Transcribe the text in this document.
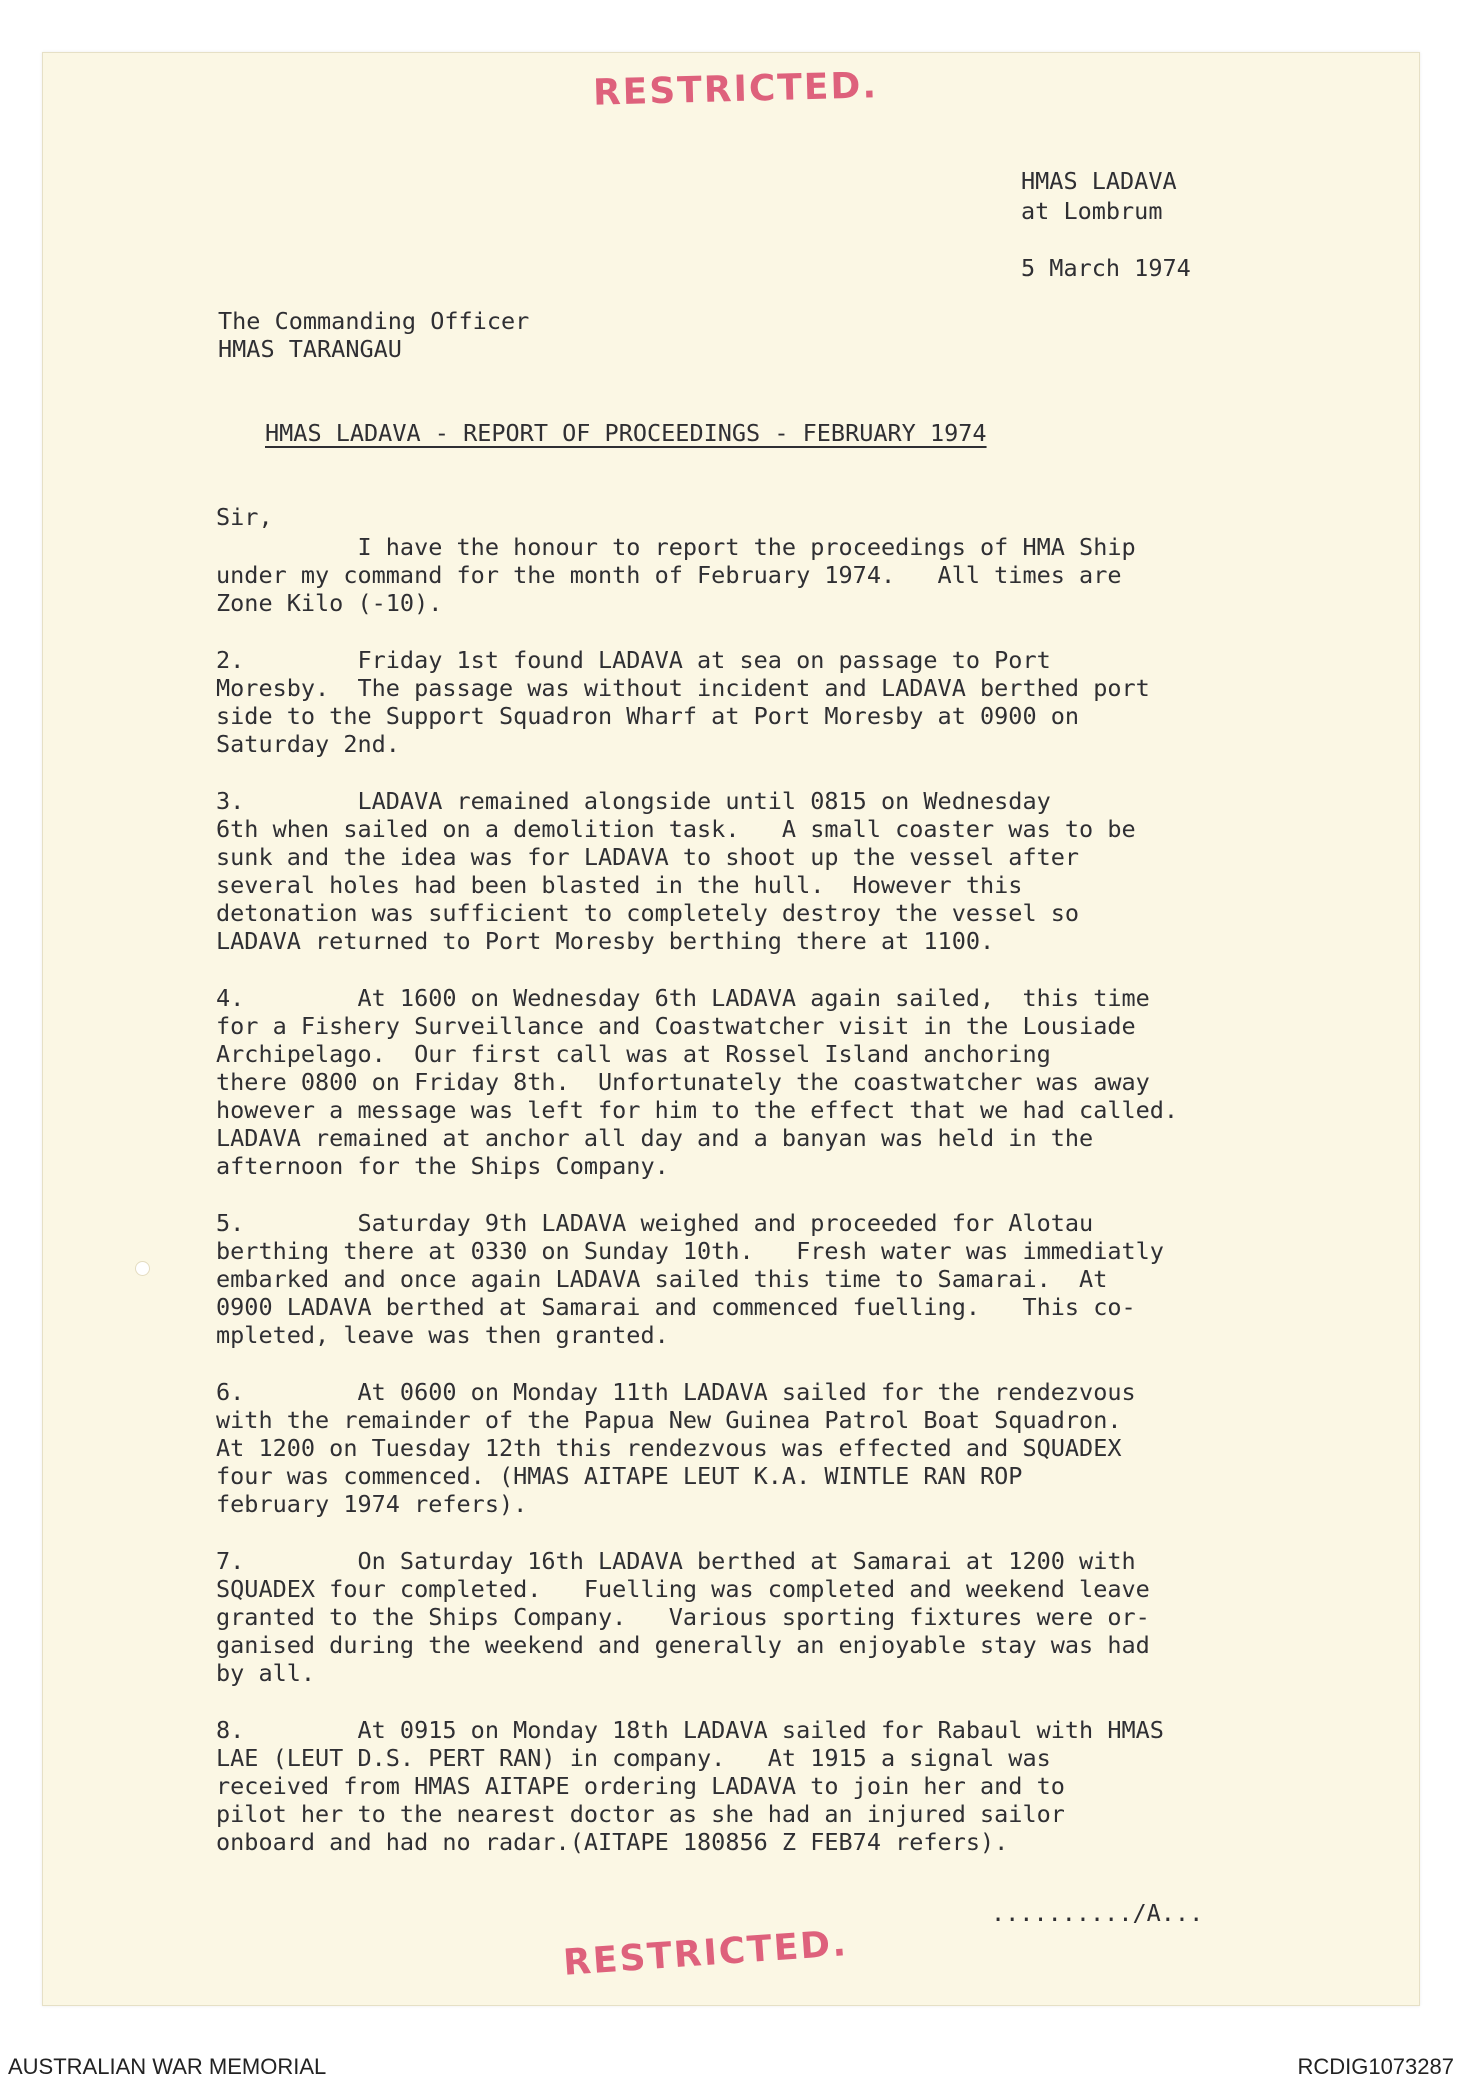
RESTRICTED.
HMAS LADAVA
at Lombrum
5 March 1974
The Commanding Officer
HMAS TARANGAU
HMAS LADAVA - REPORT OF PROCEEDINGS - FEBRUARY 1974
Sir,
I have the honour to report the proceedings of HMA Ship
under my command for the month of February 1974.   All times are
Zone Kilo (-10).
2.        Friday 1st found LADAVA at sea on passage to Port
Moresby.  The passage was without incident and LADAVA berthed port
side to the Support Squadron Wharf at Port Moresby at 0900 on
Saturday 2nd.
3.        LADAVA remained alongside until 0815 on Wednesday
6th when sailed on a demolition task.   A small coaster was to be
sunk and the idea was for LADAVA to shoot up the vessel after
several holes had been blasted in the hull.  However this
detonation was sufficient to completely destroy the vessel so
LADAVA returned to Port Moresby berthing there at 1100.
4.        At 1600 on Wednesday 6th LADAVA again sailed,  this time
for a Fishery Surveillance and Coastwatcher visit in the Lousiade
Archipelago.  Our first call was at Rossel Island anchoring
there 0800 on Friday 8th.  Unfortunately the coastwatcher was away
however a message was left for him to the effect that we had called.
LADAVA remained at anchor all day and a banyan was held in the
afternoon for the Ships Company.
5.        Saturday 9th LADAVA weighed and proceeded for Alotau
berthing there at 0330 on Sunday 10th.   Fresh water was immediatly
embarked and once again LADAVA sailed this time to Samarai.  At
0900 LADAVA berthed at Samarai and commenced fuelling.   This co-
mpleted, leave was then granted.
6.        At 0600 on Monday 11th LADAVA sailed for the rendezvous
with the remainder of the Papua New Guinea Patrol Boat Squadron.
At 1200 on Tuesday 12th this rendezvous was effected and SQUADEX
four was commenced. (HMAS AITAPE LEUT K.A. WINTLE RAN ROP
february 1974 refers).
7.        On Saturday 16th LADAVA berthed at Samarai at 1200 with
SQUADEX four completed.   Fuelling was completed and weekend leave
granted to the Ships Company.   Various sporting fixtures were or-
ganised during the weekend and generally an enjoyable stay was had
by all.
8.        At 0915 on Monday 18th LADAVA sailed for Rabaul with HMAS
LAE (LEUT D.S. PERT RAN) in company.   At 1915 a signal was
received from HMAS AITAPE ordering LADAVA to join her and to
pilot her to the nearest doctor as she had an injured sailor
onboard and had no radar.(AITAPE 180856 Z FEB74 refers).
........../A...
RESTRICTED.
AUSTRALIAN WAR MEMORIAL	RCDIG1073287
